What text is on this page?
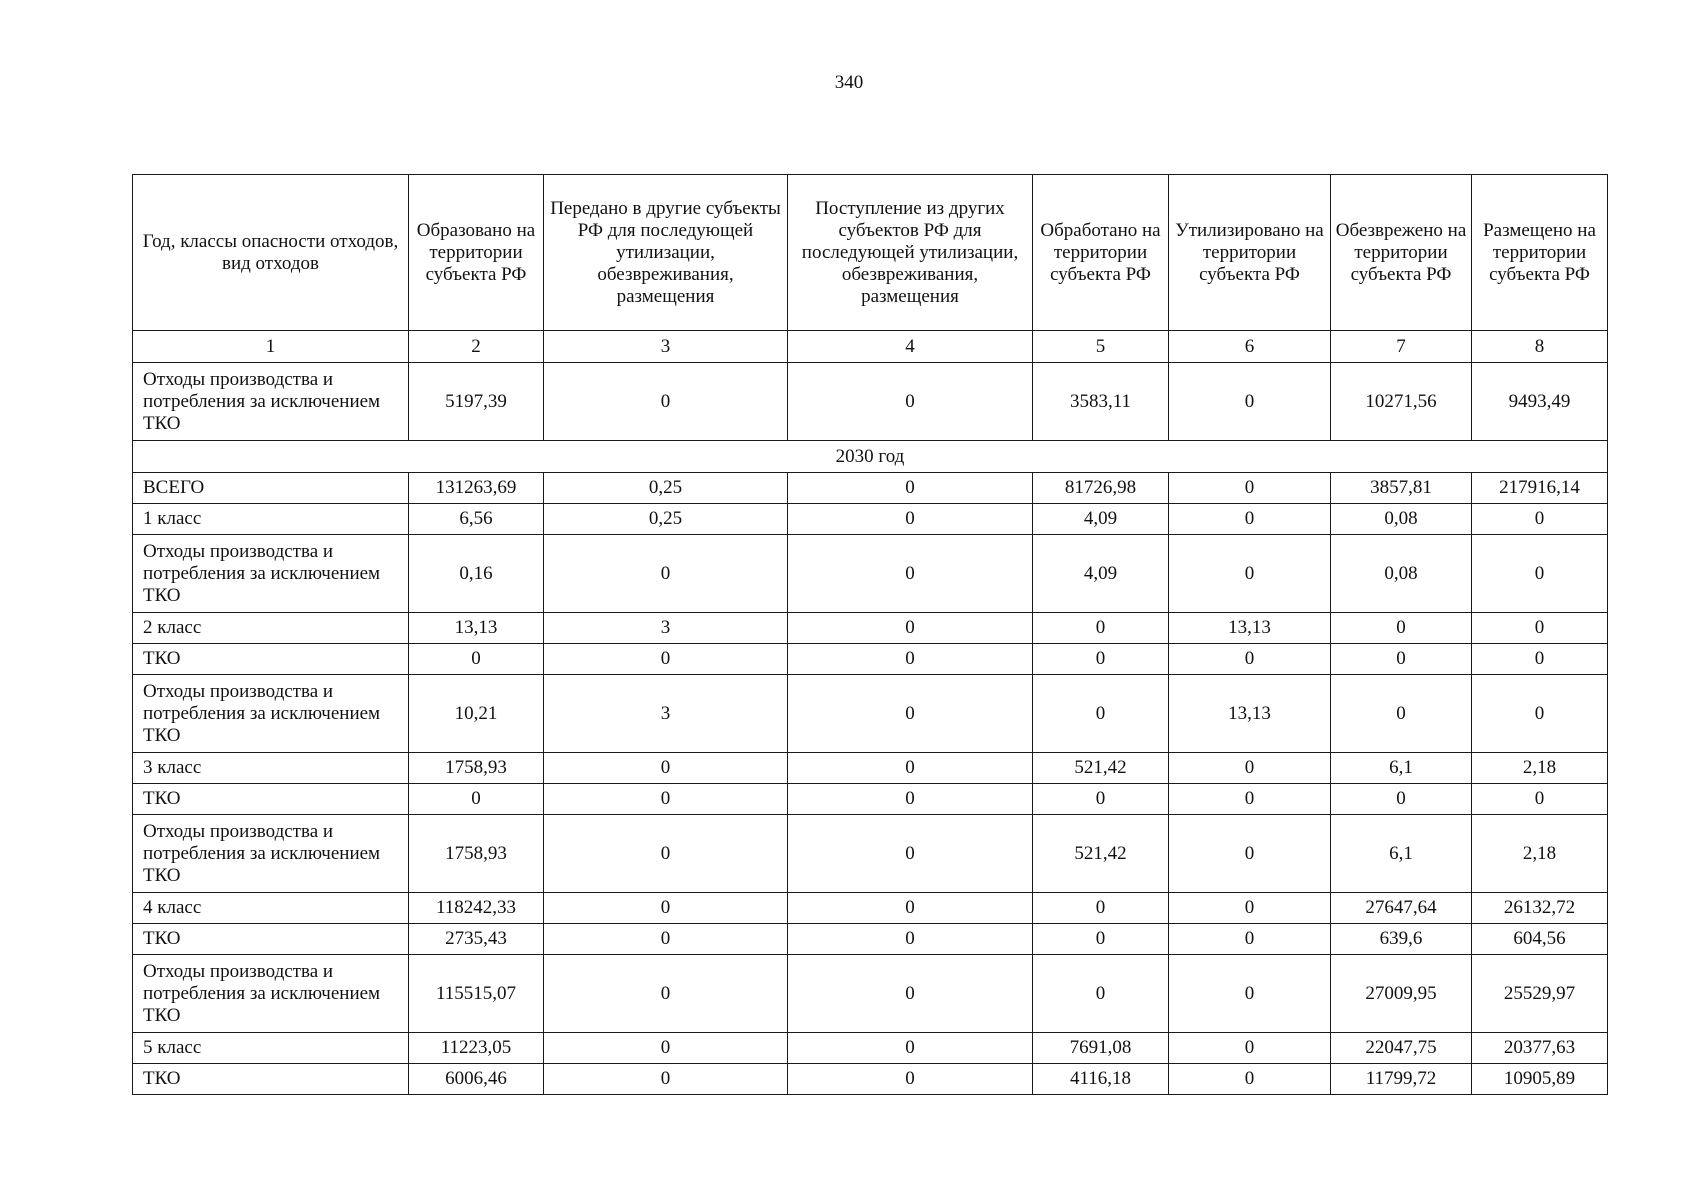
340
Год, классы опасности отходов, вид отходов	Образовано на территории субъекта РФ	Передано в другие субъекты РФ для последующей утилизации, обезвреживания, размещения	Поступление из других субъектов РФ для последующей утилизации, обезвреживания, размещения	Обработано на территории субъекта РФ	Утилизировано на территории субъекта РФ	Обезврежено на территории субъекта РФ	Размещено на территории субъекта РФ
1	2	3	4	5	6	7	8
Отходы производства и потребления за исключением ТКО	5197,39	0	0	3583,11	0	10271,56	9493,49
2030 год							
ВСЕГО	131263,69	0,25	0	81726,98	0	3857,81	217916,14
1 класс	6,56	0,25	0	4,09	0	0,08	0
Отходы производства и потребления за исключением ТКО	0,16	0	0	4,09	0	0,08	0
2 класс	13,13	3	0	0	13,13	0	0
ТКО	0	0	0	0	0	0	0
Отходы производства и потребления за исключением ТКО	10,21	3	0	0	13,13	0	0
3 класс	1758,93	0	0	521,42	0	6,1	2,18
ТКО	0	0	0	0	0	0	0
Отходы производства и потребления за исключением ТКО	1758,93	0	0	521,42	0	6,1	2,18
4 класс	118242,33	0	0	0	0	27647,64	26132,72
ТКО	2735,43	0	0	0	0	639,6	604,56
Отходы производства и потребления за исключением ТКО	115515,07	0	0	0	0	27009,95	25529,97
5 класс	11223,05	0	0	7691,08	0	22047,75	20377,63
ТКО	6006,46	0	0	4116,18	0	11799,72	10905,89
